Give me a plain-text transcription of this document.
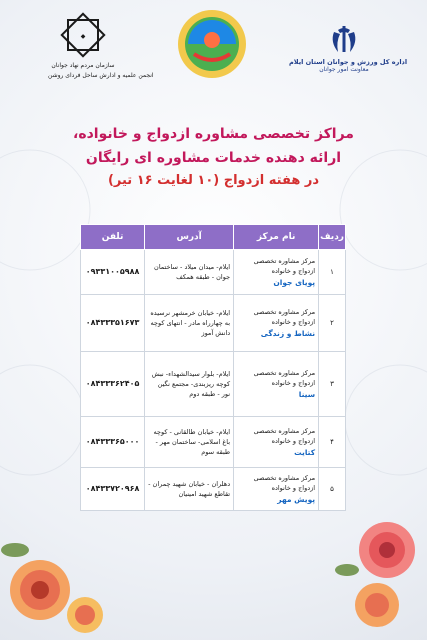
◆
سازمان مردم نهاد جوانان
انجمن علمیه و ادارش ساحل فردای روشن
اداره کل ورزش و جوانان استان ایلام
معاونت امور جوانان
مراکز تخصصی مشاوره ازدواج و خانواده،
ارائه دهنده خدمات مشاوره ای رایگان
در هفته ازدواج (۱۰ لغایت ۱۶ تیر)
ردیف	نام مرکز	آدرس	تلفن
۱	مرکز مشاوره تخصصی
ازدواج و خانواده
پویای جوان	ایلام- میدان میلاد - ساختمان جوان - طبقه همکف	۰۹۳۳۱۰۰۵۹۸۸
۲	مرکز مشاوره تخصصی
ازدواج و خانواده
نشاط و زندگی	ایلام- خیابان خرمشهر نرسیده به چهارراه مادر - انتهای کوچه دانش آموز	۰۸۴۳۳۳۵۱۶۷۳
۳	مرکز مشاوره تخصصی
ازدواج و خانواده
سینا	ایلام- بلوار سیدالشهداء- نبش کوچه ریزبندی- مجتمع نگین نور - طبقه دوم	۰۸۴۳۳۳۶۲۴۰۵
۴	مرکز مشاوره تخصصی
ازدواج و خانواده
کتایت	ایلام- خیابان طالقانی - کوچه باغ اسلامی- ساختمان مهر - طبقه سوم	۰۸۴۳۳۳۶۵۰۰۰
۵	مرکز مشاوره تخصصی
ازدواج و خانواده
پویش مهر	دهلران - خیابان شهید چمران - تقاطع شهید امینیان	۰۸۴۳۳۷۲۰۹۶۸
